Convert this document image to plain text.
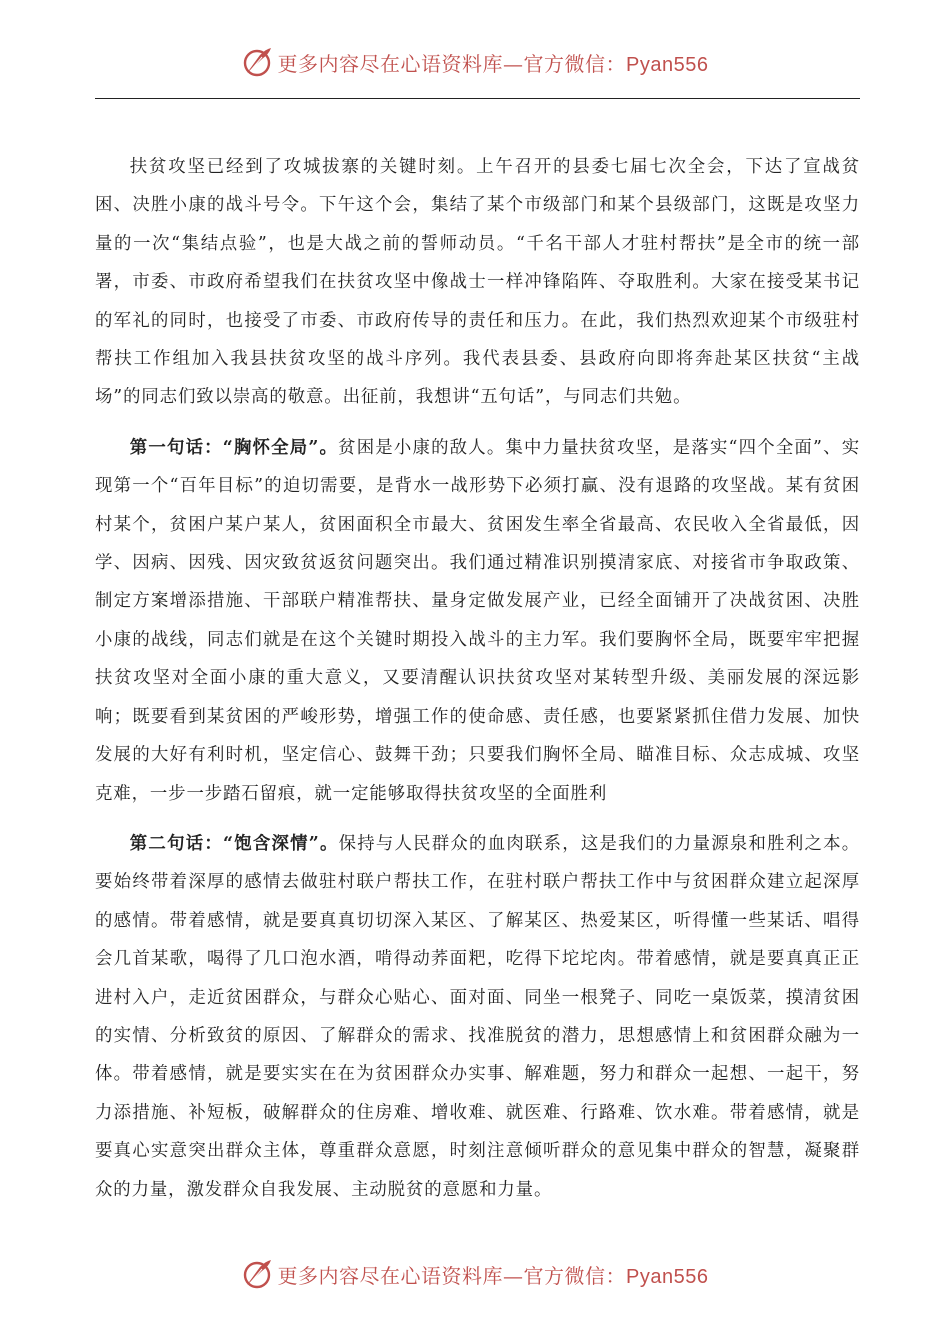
更多内容尽在心语资料库—官方微信：Pyan556

扶贫攻坚已经到了攻城拔寨的关键时刻。上午召开的县委七届七次全会，下达了宣战贫困、决胜小康的战斗号令。下午这个会，集结了某个市级部门和某个县级部门，这既是攻坚力量的一次“集结点验”，也是大战之前的誓师动员。“千名干部人才驻村帮扶”是全市的统一部署，市委、市政府希望我们在扶贫攻坚中像战士一样冲锋陷阵、夺取胜利。大家在接受某书记的军礼的同时，也接受了市委、市政府传导的责任和压力。在此，我们热烈欢迎某个市级驻村帮扶工作组加入我县扶贫攻坚的战斗序列。我代表县委、县政府向即将奔赴某区扶贫“主战场”的同志们致以崇高的敬意。出征前，我想讲“五句话”，与同志们共勉。

第一句话：“胸怀全局”。贫困是小康的敌人。集中力量扶贫攻坚，是落实“四个全面”、实现第一个“百年目标”的迫切需要，是背水一战形势下必须打赢、没有退路的攻坚战。某有贫困村某个，贫困户某户某人，贫困面积全市最大、贫困发生率全省最高、农民收入全省最低，因学、因病、因残、因灾致贫返贫问题突出。我们通过精准识别摸清家底、对接省市争取政策、制定方案增添措施、干部联户精准帮扶、量身定做发展产业，已经全面铺开了决战贫困、决胜小康的战线，同志们就是在这个关键时期投入战斗的主力军。我们要胸怀全局，既要牢牢把握扶贫攻坚对全面小康的重大意义，又要清醒认识扶贫攻坚对某转型升级、美丽发展的深远影响；既要看到某贫困的严峻形势，增强工作的使命感、责任感，也要紧紧抓住借力发展、加快发展的大好有利时机，坚定信心、鼓舞干劲；只要我们胸怀全局、瞄准目标、众志成城、攻坚克难，一步一步踏石留痕，就一定能够取得扶贫攻坚的全面胜利

第二句话：“饱含深情”。保持与人民群众的血肉联系，这是我们的力量源泉和胜利之本。要始终带着深厚的感情去做驻村联户帮扶工作，在驻村联户帮扶工作中与贫困群众建立起深厚的感情。带着感情，就是要真真切切深入某区、了解某区、热爱某区，听得懂一些某话、唱得会几首某歌，喝得了几口泡水酒，啃得动荞面粑，吃得下坨坨肉。带着感情，就是要真真正正进村入户，走近贫困群众，与群众心贴心、面对面、同坐一根凳子、同吃一桌饭菜，摸清贫困的实情、分析致贫的原因、了解群众的需求、找准脱贫的潜力，思想感情上和贫困群众融为一体。带着感情，就是要实实在在为贫困群众办实事、解难题，努力和群众一起想、一起干，努力添措施、补短板，破解群众的住房难、增收难、就医难、行路难、饮水难。带着感情，就是要真心实意突出群众主体，尊重群众意愿，时刻注意倾听群众的意见集中群众的智慧，凝聚群众的力量，激发群众自我发展、主动脱贫的意愿和力量。

更多内容尽在心语资料库—官方微信：Pyan556
